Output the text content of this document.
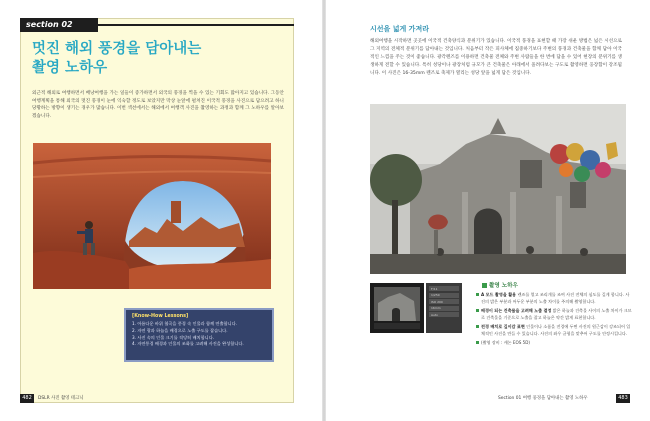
section 02
멋진 해외 풍경을 담아내는
촬영 노하우
외근적 해외로 여행하면서 배낭여행을 가는 일들이 증가하면서 외국의 풍경을 찍을 수 있는 기회도 많아지고 있습니다. 그동안 여행계획을 통해 외국의 멋진 풍경이 눈에 익숙할 정도로 보았지만 막상 눈앞에 펼쳐진 이국적 풍경을 사진으로 담으려고 하니 당황하는 방향이 생기는 경우가 많습니다. 이번 섹션에서는 해외에서 여행객 사진을 촬영하는 과정과 함께 그 노하우를 알아보겠습니다.
[Know-How Lessons]
1. 아름다운 바위 협곡을 풍경 속 인물과 함께 연출합니다.
2. 자연 광과 하늘을 배경으로 노출 구도를 잡습니다.
3. 사진 속의 인물 크기를 적당히 배치합니다.
4. 자연풍경 배경과 인물의 조화를 고려해 사진을 완성합니다.
482	DSLR 사진 촬영 테크닉
시선을 넓게 가져라
해외여행을 시작하면 곳곳에 이국적 건축양식과 분위기가 있습니다. 이국적 풍경을 표현할 때 가장 쉬운 방법은 넓은 시선으로 그 지역의 전체적 분위기를 담아내는 것입니다. 처음부터 작은 피사체에 집중하기보다 주변의 풍경과 건축물을 함께 담아 이국적인 느낌을 주는 것이 좋습니다. 광각렌즈를 이용하면 건축물 전체와 주변 사람들을 한 번에 담을 수 있어 현장의 분위기를 생생하게 전할 수 있습니다. 특히 성당이나 광장처럼 규모가 큰 건축물은 아래에서 올려다보는 구도로 촬영하면 웅장함이 강조됩니다. 이 사진은 16-35mm 렌즈로 축제가 열리는 성당 앞을 넓게 담은 것입니다.
F/11
1/250
ISO 200
16mm
Auto
촬영 노하우
A 모드 촬영을 활용 렌즈를 열고 조리개를 조여 사진 전체의 심도를 깊게 합니다. 사진의 밝은 부분과 어두운 부분의 노출 차이를 주의해 촬영합니다.
배경이 되는 건축물을 고려해 노출 결정 밝은 하늘과 건축물 사이의 노출 차이가 크므로 건축물을 기준으로 노출을 잡고 하늘은 약간 밝게 표현합니다.
전경 배치로 깊이감 표현 인물이나 소품을 전경에 두면 사진의 원근감이 강조되어 입체적인 사진을 만들 수 있습니다. 사진의 좌우 균형을 맞추어 구도를 안정시킵니다.
(촬영 장비 : 캐논 EOS 5D)
Section 01 여행 풍경을 담아내는 촬영 노하우	483
